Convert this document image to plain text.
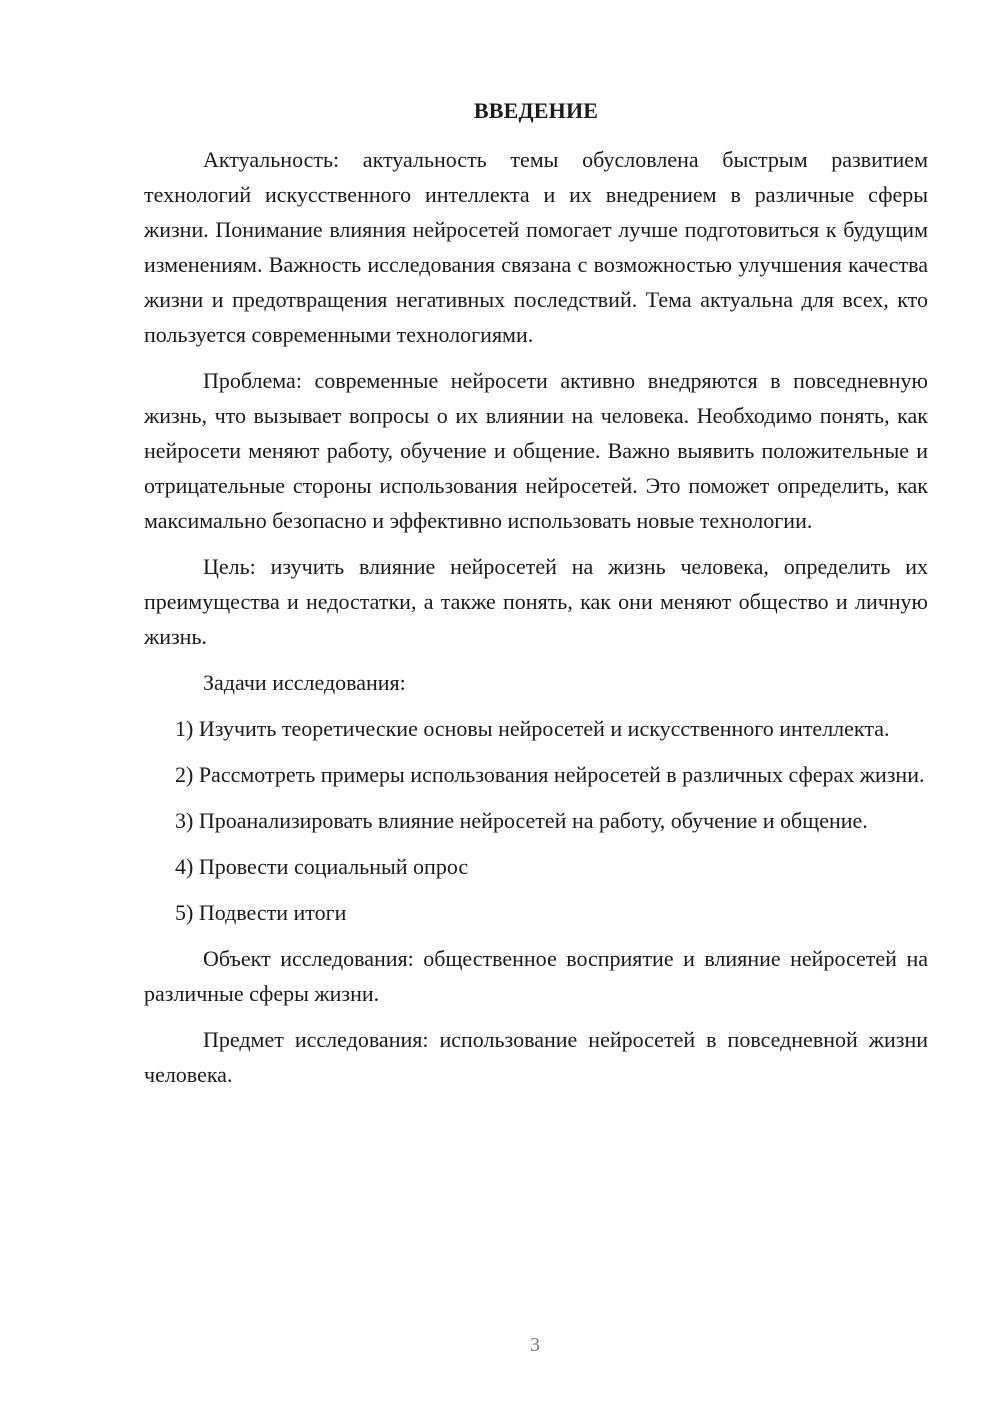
ВВЕДЕНИЕ

Актуальность: актуальность темы обусловлена быстрым развитием технологий искусственного интеллекта и их внедрением в различные сферы жизни. Понимание влияния нейросетей помогает лучше подготовиться к будущим изменениям. Важность исследования связана с возможностью улучшения качества жизни и предотвращения негативных последствий. Тема актуальна для всех, кто пользуется современными технологиями.

Проблема: современные нейросети активно внедряются в повседневную жизнь, что вызывает вопросы о их влиянии на человека. Необходимо понять, как нейросети меняют работу, обучение и общение. Важно выявить положительные и отрицательные стороны использования нейросетей. Это поможет определить, как максимально безопасно и эффективно использовать новые технологии.

Цель: изучить влияние нейросетей на жизнь человека, определить их преимущества и недостатки, а также понять, как они меняют общество и личную жизнь.

Задачи исследования:

1) Изучить теоретические основы нейросетей и искусственного интеллекта.

2) Рассмотреть примеры использования нейросетей в различных сферах жизни.

3) Проанализировать влияние нейросетей на работу, обучение и общение.

4) Провести социальный опрос

5) Подвести итоги

Объект исследования: общественное восприятие и влияние нейросетей на различные сферы жизни.

Предмет исследования: использование нейросетей в повседневной жизни человека.

3
